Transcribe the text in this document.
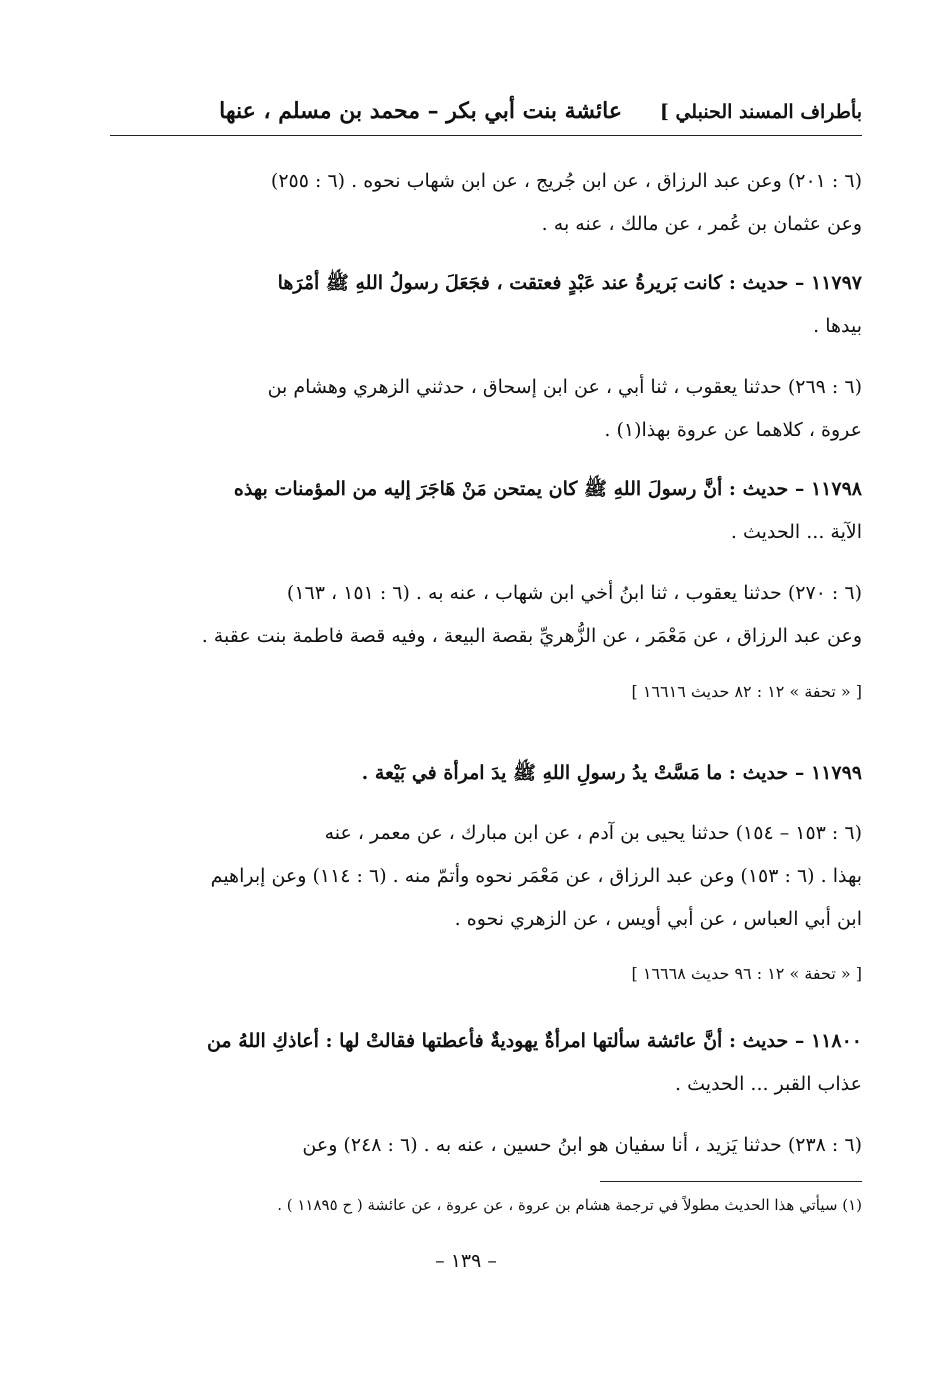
بأطراف المسند الحنبلي ]
عائشة بنت أبي بكر – محمد بن مسلم ، عنها
(٦ : ٢٠١) وعن عبد الرزاق ، عن ابن جُريج ، عن ابن شهاب نحوه . (٦ : ٢٥٥)
وعن عثمان بن عُمر ، عن مالك ، عنه به .
١١٧٩٧ – حديث : كانت بَريرةُ عند عَبْدٍ فعتقت ، فجَعَلَ رسولُ اللهِ ﷺ أمْرَها
بيدها .
(٦ : ٢٦٩) حدثنا يعقوب ، ثنا أبي ، عن ابن إسحاق ، حدثني الزهري وهشام بن
عروة ، كلاهما عن عروة بهذا(١) .
١١٧٩٨ – حديث : أنَّ رسولَ اللهِ ﷺ كان يمتحن مَنْ هَاجَرَ إليه من المؤمنات بهذه
الآية ... الحديث .
(٦ : ٢٧٠) حدثنا يعقوب ، ثنا ابنُ أخي ابن شهاب ، عنه به . (٦ : ١٥١ ، ١٦٣)
وعن عبد الرزاق ، عن مَعْمَر ، عن الزُّهريِّ بقصة البيعة ، وفيه قصة فاطمة بنت عقبة .
[ « تحفة » ١٢ : ٨٢ حديث ١٦٦١٦ ]
١١٧٩٩ – حديث : ما مَسَّتْ يدُ رسولِ اللهِ ﷺ يدَ امرأة في بَيْعة .
(٦ : ١٥٣ – ١٥٤) حدثنا يحيى بن آدم ، عن ابن مبارك ، عن معمر ، عنه
بهذا . (٦ : ١٥٣) وعن عبد الرزاق ، عن مَعْمَر نحوه وأتمّ منه . (٦ : ١١٤) وعن إبراهيم
ابن أبي العباس ، عن أبي أويس ، عن الزهري نحوه .
[ « تحفة » ١٢ : ٩٦ حديث ١٦٦٦٨ ]
١١٨٠٠ – حديث : أنَّ عائشة سألتها امرأةٌ يهوديةٌ فأعطتها فقالتْ لها : أعاذكِ اللهُ من
عذاب القبر ... الحديث .
(٦ : ٢٣٨) حدثنا يَزيد ، أنا سفيان هو ابنُ حسين ، عنه به . (٦ : ٢٤٨) وعن
(١) سيأتي هذا الحديث مطولاً في ترجمة هشام بن عروة ، عن عروة ، عن عائشة ( ح ١١٨٩٥ ) .
– ١٣٩ –
